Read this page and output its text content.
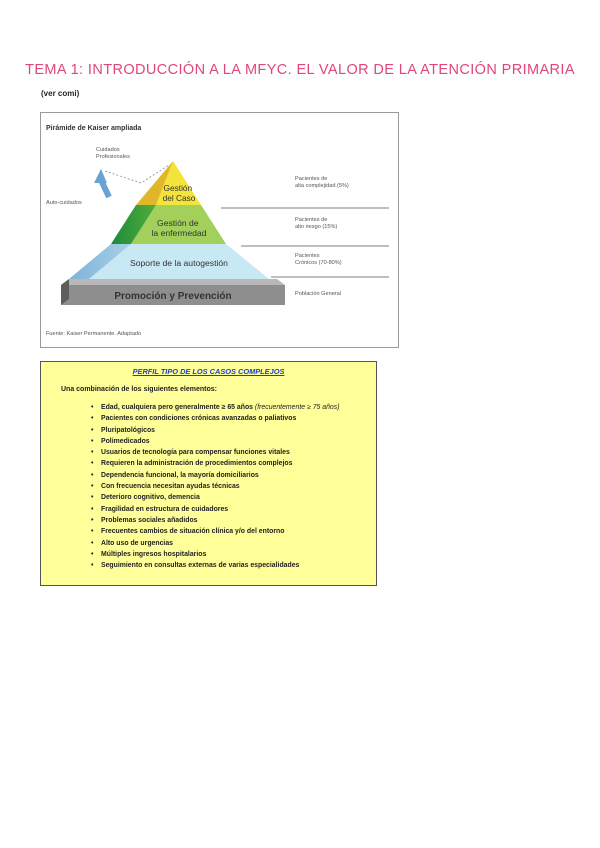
TEMA 1: INTRODUCCIÓN A LA MFYC. EL VALOR DE LA ATENCIÓN PRIMARIA
(ver comi)
Pirámide de Kaiser ampliada
Cuidados Profesionales
Auto-cuidados
Gestión del Caso
Gestión de la enfermedad
Soporte de la autogestión
Promoción y Prevención
Pacientes de alta complejidad (5%)
Pacientes de alto riesgo (15%)
Pacientes Crónicos (70-80%)
Población General
Fuente: Kaiser Permanente. Adaptado
PERFIL TIPO DE LOS CASOS COMPLEJOS
Una combinación de los siguientes elementos:
• Edad, cualquiera pero generalmente ≥ 65 años (frecuentemente ≥ 75 años)
• Pacientes con condiciones crónicas avanzadas o paliativos
• Pluripatológicos
• Polimedicados
• Usuarios de tecnología para compensar funciones vitales
• Requieren la administración de procedimientos complejos
• Dependencia funcional, la mayoría domiciliarios
• Con frecuencia necesitan ayudas técnicas
• Deterioro cognitivo, demencia
• Fragilidad en estructura de cuidadores
• Problemas sociales añadidos
• Frecuentes cambios de situación clínica y/o del entorno
• Alto uso de urgencias
• Múltiples ingresos hospitalarios
• Seguimiento en consultas externas de varias especialidades
